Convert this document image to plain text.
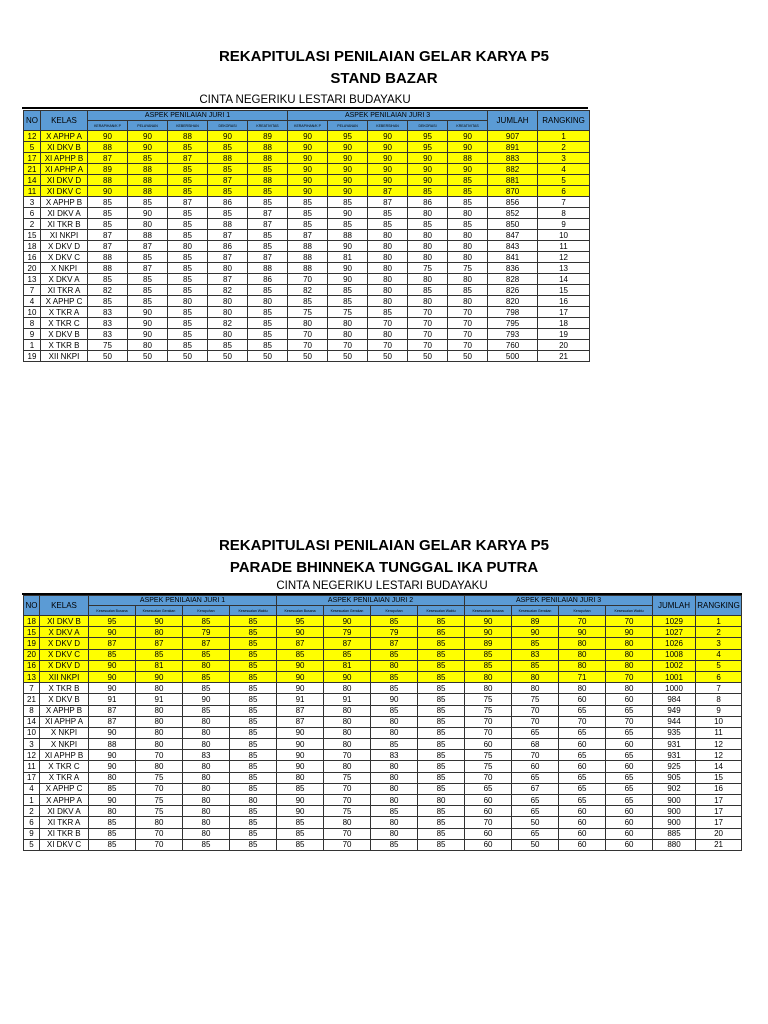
REKAPITULASI PENILAIAN GELAR KARYA P5
STAND BAZAR
CINTA NEGERIKU LESTARI BUDAYAKU
NO	KELAS	ASPEK PENILAIAN JURI 1					ASPEK PENILAIAN JURI 3					JUMLAH	RANGKING
		KERAPIHAN/K P	PELAYANAN	KEBERSIHAN	DEKORASI	KREATIVITAS	KERAPIHAN/K P	PELAYANAN	KEBERSIHAN	DEKORASI	KREATIVITAS		
12	X APHP A	90	90	88	90	89	90	95	90	95	90	907	1
5	XI DKV B	88	90	85	85	88	90	90	90	95	90	891	2
17	XI APHP B	87	85	87	88	88	90	90	90	90	88	883	3
21	XI APHP A	89	88	85	85	85	90	90	90	90	90	882	4
14	XI DKV D	88	88	85	87	88	90	90	90	90	85	881	5
11	XI DKV C	90	88	85	85	85	90	90	87	85	85	870	6
3	X APHP B	85	85	87	86	85	85	85	87	86	85	856	7
6	XI DKV A	85	90	85	85	87	85	90	85	80	80	852	8
2	XI TKR B	85	80	85	88	87	85	85	85	85	85	850	9
15	XI NKPI	87	88	85	87	85	87	88	80	80	80	847	10
18	X DKV D	87	87	80	86	85	88	90	80	80	80	843	11
16	X DKV C	88	85	85	87	87	88	81	80	80	80	841	12
20	X NKPI	88	87	85	80	88	88	90	80	75	75	836	13
13	X DKV A	85	85	85	87	86	70	90	80	80	80	828	14
7	XI TKR A	82	85	85	82	85	82	85	80	85	85	826	15
4	X APHP C	85	85	80	80	80	85	85	80	80	80	820	16
10	X TKR A	83	90	85	80	85	75	75	85	70	70	798	17
8	X TKR C	83	90	85	82	85	80	80	70	70	70	795	18
9	X DKV B	83	90	85	80	85	70	80	80	70	70	793	19
1	X TKR B	75	80	85	85	85	70	70	70	70	70	760	20
19	XII NKPI	50	50	50	50	50	50	50	50	50	50	500	21
REKAPITULASI PENILAIAN GELAR KARYA P5
PARADE BHINNEKA TUNGGAL IKA PUTRA
CINTA NEGERIKU LESTARI BUDAYAKU
NO	KELAS	ASPEK PENILAIAN JURI 1				ASPEK PENILAIAN JURI 2				ASPEK PENILAIAN JURI 3				JUMLAH	RANGKING
		Kesesuaian Busana	Kesesuaian Gerakan	Kerapuhan	Kesesuaian Waktu	Kesesuaian Busana	Kesesuaian Gerakan	Kerapuhan	Kesesuaian Waktu	Kesesuaian Busana	Kesesuaian Gerakan	Kerapuhan	Kesesuaian Waktu		
18	XI DKV B	95	90	85	85	95	90	85	85	90	89	70	70	1029	1
15	X DKV A	90	80	79	85	90	79	79	85	90	90	90	90	1027	2
19	X DKV D	87	87	87	85	87	87	87	85	89	85	80	80	1026	3
20	X DKV C	85	85	85	85	85	85	85	85	85	83	80	80	1008	4
16	X DKV D	90	81	80	85	90	81	80	85	85	85	80	80	1002	5
13	XII NKPI	90	90	85	85	90	90	85	85	80	80	71	70	1001	6
7	X TKR B	90	80	85	85	90	80	85	85	80	80	80	80	1000	7
21	X DKV B	91	91	90	85	91	91	90	85	75	75	60	60	984	8
8	X APHP B	87	80	85	85	87	80	85	85	75	70	65	65	949	9
14	XI APHP A	87	80	80	85	87	80	80	85	70	70	70	70	944	10
10	X NKPI	90	80	80	85	90	80	80	85	70	65	65	65	935	11
3	X NKPI	88	80	80	85	90	80	85	85	60	68	60	60	931	12
12	XI APHP B	90	70	83	85	90	70	83	85	75	70	65	65	931	12
11	X TKR C	90	80	80	85	90	80	80	85	75	60	60	60	925	14
17	X TKR A	80	75	80	85	80	75	80	85	70	65	65	65	905	15
4	X APHP C	85	70	80	85	85	70	80	85	65	67	65	65	902	16
1	X APHP A	90	75	80	80	90	70	80	80	60	65	65	65	900	17
2	XI DKV A	80	75	80	85	90	75	85	85	60	65	60	60	900	17
6	XI TKR A	85	80	80	85	85	80	80	85	70	50	60	60	900	17
9	XI TKR B	85	70	80	85	85	70	80	85	60	65	60	60	885	20
5	XI DKV C	85	70	85	85	85	70	85	85	60	50	60	60	880	21
